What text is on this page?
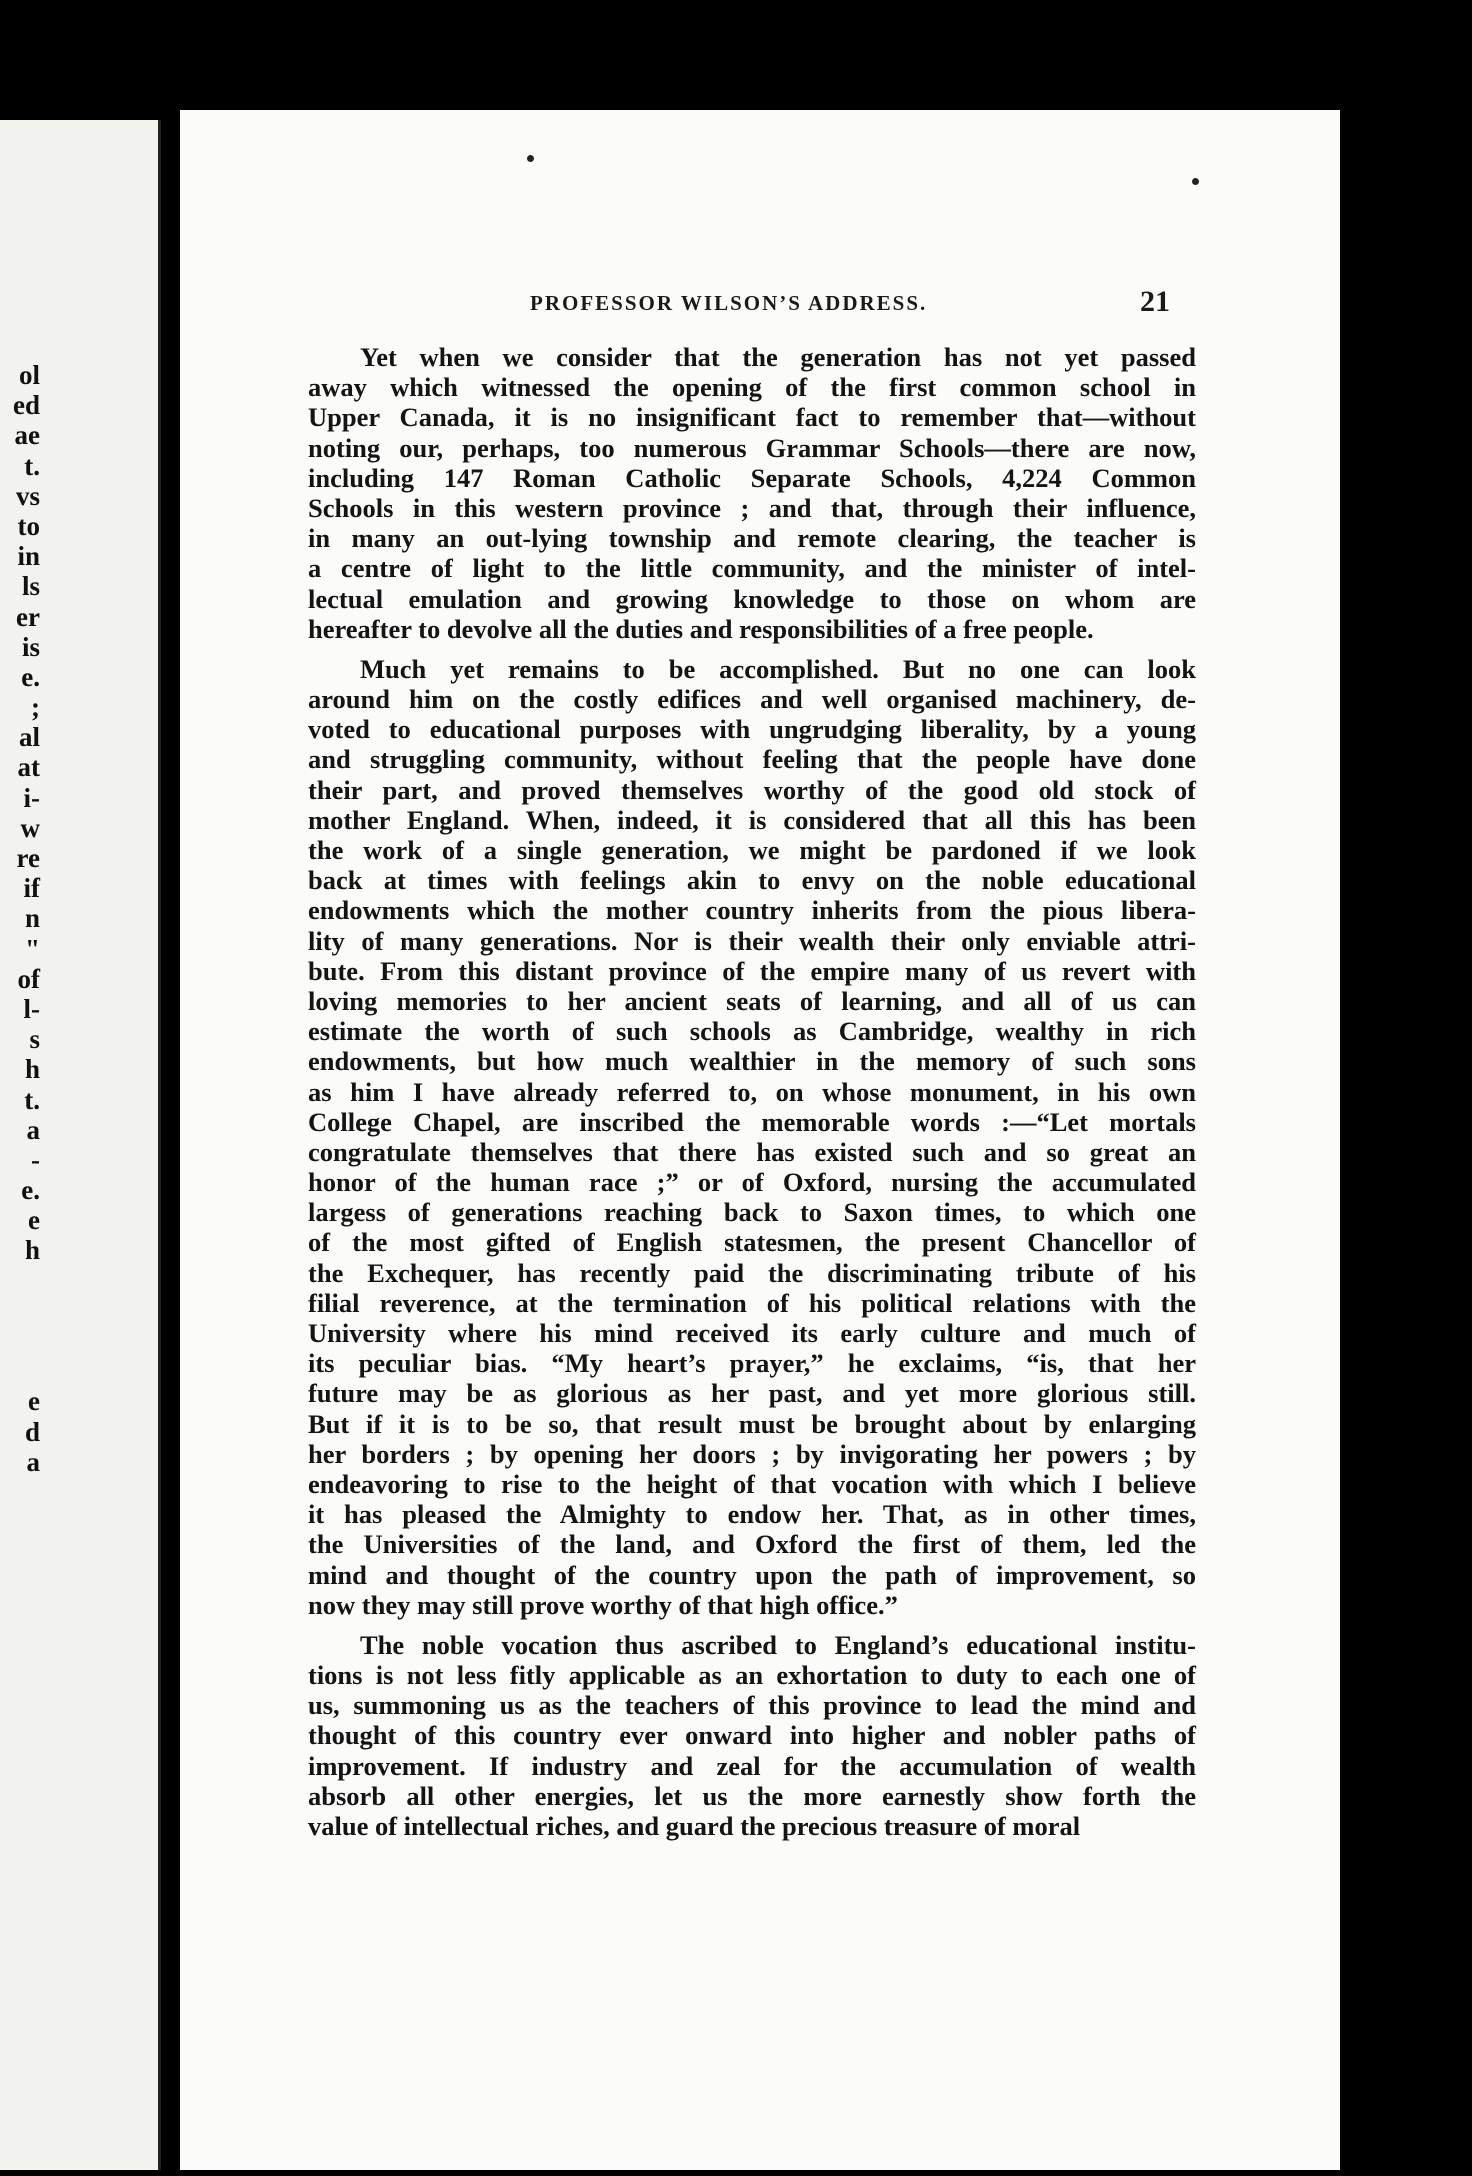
ol
ed
ae
t.
vs
to
in
ls
er
is
e.
;
al
at
i-
w
re
if
n
"
of
l-
s
h
t.
a
-
e.
e
h
e
d
a
PROFESSOR WILSON’S ADDRESS.	21
Yet when we consider that the generation has not yet passed
away which witnessed the opening of the first common school in
Upper Canada, it is no insignificant fact to remember that—without
noting our, perhaps, too numerous Grammar Schools—there are now,
including 147 Roman Catholic Separate Schools, 4,224 Common
Schools in this western province ; and that, through their influence,
in many an out-lying township and remote clearing, the teacher is
a centre of light to the little community, and the minister of intel-
lectual emulation and growing knowledge to those on whom are
hereafter to devolve all the duties and responsibilities of a free people.
Much yet remains to be accomplished. But no one can look
around him on the costly edifices and well organised machinery, de-
voted to educational purposes with ungrudging liberality, by a young
and struggling community, without feeling that the people have done
their part, and proved themselves worthy of the good old stock of
mother England. When, indeed, it is considered that all this has been
the work of a single generation, we might be pardoned if we look
back at times with feelings akin to envy on the noble educational
endowments which the mother country inherits from the pious libera-
lity of many generations. Nor is their wealth their only enviable attri-
bute. From this distant province of the empire many of us revert with
loving memories to her ancient seats of learning, and all of us can
estimate the worth of such schools as Cambridge, wealthy in rich
endowments, but how much wealthier in the memory of such sons
as him I have already referred to, on whose monument, in his own
College Chapel, are inscribed the memorable words :—“Let mortals
congratulate themselves that there has existed such and so great an
honor of the human race ;” or of Oxford, nursing the accumulated
largess of generations reaching back to Saxon times, to which one
of the most gifted of English statesmen, the present Chancellor of
the Exchequer, has recently paid the discriminating tribute of his
filial reverence, at the termination of his political relations with the
University where his mind received its early culture and much of
its peculiar bias. “My heart’s prayer,” he exclaims, “is, that her
future may be as glorious as her past, and yet more glorious still.
But if it is to be so, that result must be brought about by enlarging
her borders ; by opening her doors ; by invigorating her powers ; by
endeavoring to rise to the height of that vocation with which I believe
it has pleased the Almighty to endow her. That, as in other times,
the Universities of the land, and Oxford the first of them, led the
mind and thought of the country upon the path of improvement, so
now they may still prove worthy of that high office.”
The noble vocation thus ascribed to England’s educational institu-
tions is not less fitly applicable as an exhortation to duty to each one of
us, summoning us as the teachers of this province to lead the mind and
thought of this country ever onward into higher and nobler paths of
improvement. If industry and zeal for the accumulation of wealth
absorb all other energies, let us the more earnestly show forth the
value of intellectual riches, and guard the precious treasure of moral
